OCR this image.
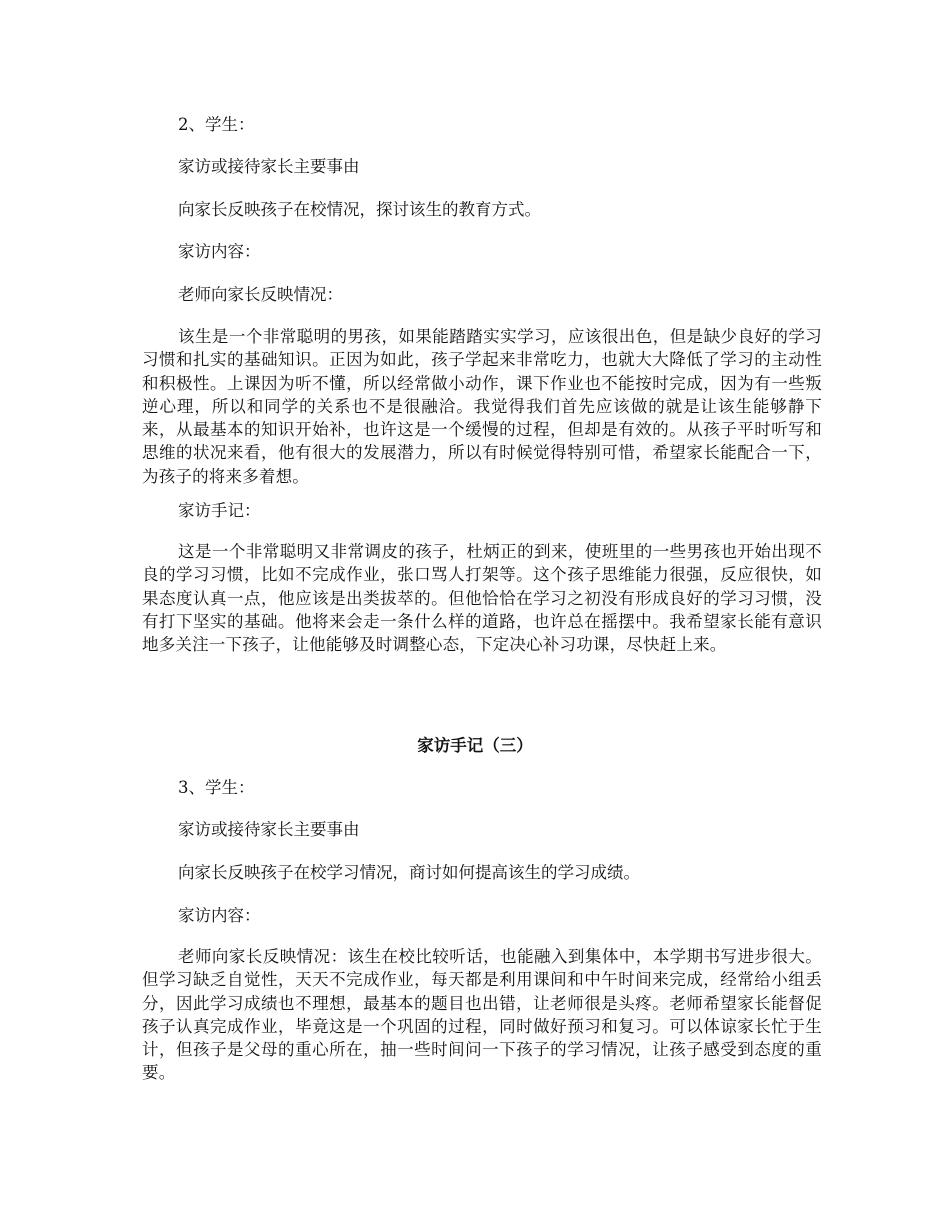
2、学生：
家访或接待家长主要事由
向家长反映孩子在校情况，探讨该生的教育方式。
家访内容：
老师向家长反映情况：
该生是一个非常聪明的男孩，如果能踏踏实实学习，应该很出色，但是缺少良好的学习习惯和扎实的基础知识。正因为如此，孩子学起来非常吃力，也就大大降低了学习的主动性和积极性。上课因为听不懂，所以经常做小动作，课下作业也不能按时完成，因为有一些叛逆心理，所以和同学的关系也不是很融洽。我觉得我们首先应该做的就是让该生能够静下来，从最基本的知识开始补，也许这是一个缓慢的过程，但却是有效的。从孩子平时听写和思维的状况来看，他有很大的发展潜力，所以有时候觉得特别可惜，希望家长能配合一下，为孩子的将来多着想。
家访手记：
这是一个非常聪明又非常调皮的孩子，杜炳正的到来，使班里的一些男孩也开始出现不良的学习习惯，比如不完成作业，张口骂人打架等。这个孩子思维能力很强，反应很快，如果态度认真一点，他应该是出类拔萃的。但他恰恰在学习之初没有形成良好的学习习惯，没有打下坚实的基础。他将来会走一条什么样的道路，也许总在摇摆中。我希望家长能有意识地多关注一下孩子，让他能够及时调整心态，下定决心补习功课，尽快赶上来。
家访手记（三）
3、学生：
家访或接待家长主要事由
向家长反映孩子在校学习情况，商讨如何提高该生的学习成绩。
家访内容：
老师向家长反映情况：该生在校比较听话，也能融入到集体中，本学期书写进步很大。但学习缺乏自觉性，天天不完成作业，每天都是利用课间和中午时间来完成，经常给小组丢分，因此学习成绩也不理想，最基本的题目也出错，让老师很是头疼。老师希望家长能督促孩子认真完成作业，毕竟这是一个巩固的过程，同时做好预习和复习。可以体谅家长忙于生计，但孩子是父母的重心所在，抽一些时间问一下孩子的学习情况，让孩子感受到态度的重要。
